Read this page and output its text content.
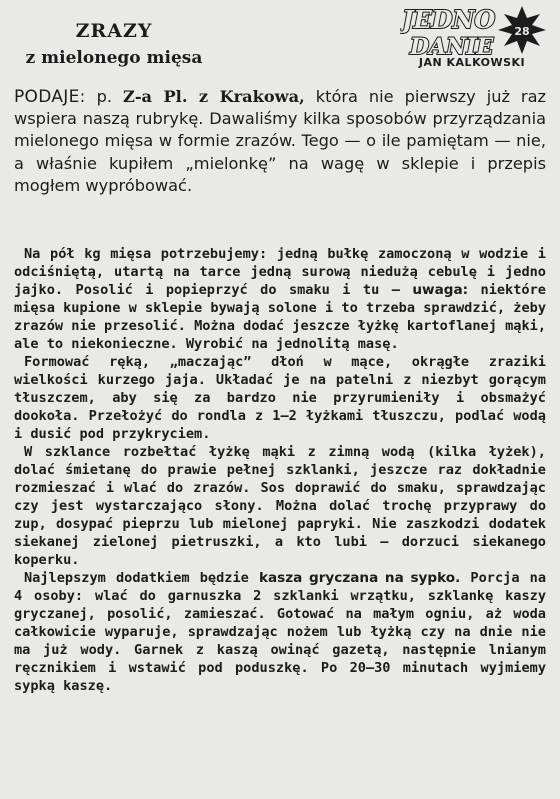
ZRAZY
z mielonego mięsa
JEDNO
DANIE
28
JAN KALKOWSKI

PODAJE: p. Z-a Pl. z Krakowa, która nie pierwszy już raz wspiera naszą rubrykę. Dawaliśmy kilka sposobów przyrządzania mielonego mięsa w formie zrazów. Tego — o ile pamiętam — nie, a właśnie kupiłem „mielonkę” na wagę w sklepie i przepis mogłem wypróbować.

Na pół kg mięsa potrzebujemy: jedną bułkę zamoczoną w wodzie i odciśniętą, utartą na tarce jedną surową niedużą cebulę i jedno jajko. Posolić i popieprzyć do smaku i tu — uwaga: niektóre mięsa kupione w sklepie bywają solone i to trzeba sprawdzić, żeby zrazów nie przesolić. Można dodać jeszcze łyżkę kartoflanej mąki, ale to niekonieczne. Wyrobić na jednolitą masę.

Formować ręką, „maczając” dłoń w mące, okrągłe zraziki wielkości kurzego jaja. Układać je na patelni z niezbyt gorącym tłuszczem, aby się za bardzo nie przyrumieniły i obsmażyć dookoła. Przełożyć do rondla z 1—2 łyżkami tłuszczu, podlać wodą i dusić pod przykryciem.

W szklance rozbełtać łyżkę mąki z zimną wodą (kilka łyżek), dolać śmietanę do prawie pełnej szklanki, jeszcze raz dokładnie rozmieszać i wlać do zrazów. Sos doprawić do smaku, sprawdzając czy jest wystarczająco słony. Można dolać trochę przyprawy do zup, dosypać pieprzu lub mielonej papryki. Nie zaszkodzi dodatek siekanej zielonej pietruszki, a kto lubi — dorzuci siekanego koperku.

Najlepszym dodatkiem będzie kasza gryczana na sypko. Porcja na 4 osoby: wlać do garnuszka 2 szklanki wrzątku, szklankę kaszy gryczanej, posolić, zamieszać. Gotować na małym ogniu, aż woda całkowicie wyparuje, sprawdzając nożem lub łyżką czy na dnie nie ma już wody. Garnek z kaszą owinąć gazetą, następnie lnianym ręcznikiem i wstawić pod poduszkę. Po 20—30 minutach wyjmiemy sypką kaszę.
